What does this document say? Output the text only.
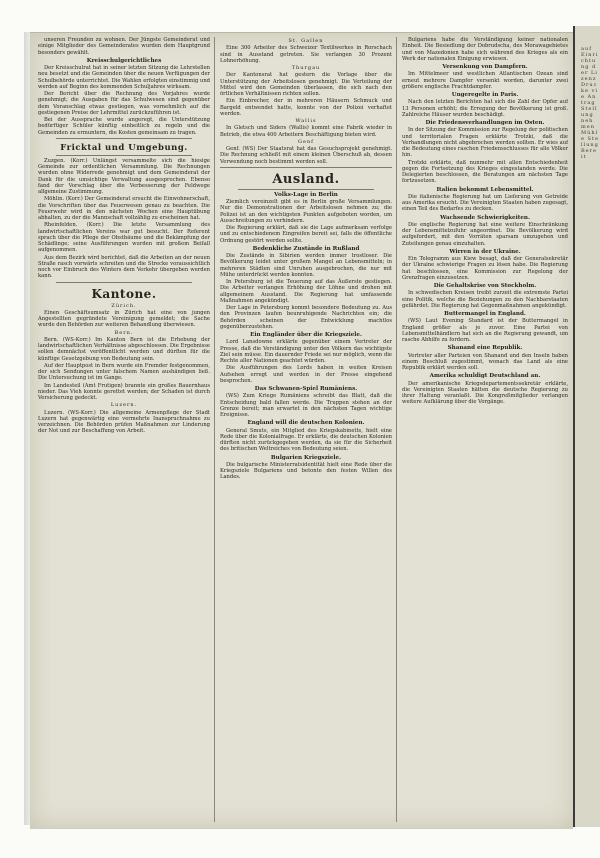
unseren Freunden zu wohnen. Der Jüngste Gemeinderat und einige Mitglieder des Gemeinderates wurden dem Hauptgrund besonders gewählt.

Kreisschulgerichtliches

Der Kreisschulrat hat in seiner letzten Sitzung die Lehrstellen neu besetzt und die Gemeinden über die neuen Verfügungen der Schulbehörde unterrichtet. Die Wahlen erfolgten einstimmig und werden auf Beginn des kommenden Schuljahres wirksam.

Der Bericht über die Rechnung des Vorjahres wurde genehmigt; die Ausgaben für das Schulwesen sind gegenüber dem Voranschlag etwas gestiegen, was vornehmlich auf die gestiegenen Preise der Lehrmittel zurückzuführen ist.

Bei der Aussprache wurde angeregt, die Unterstützung bedürftiger Schüler künftig einheitlich zu regeln und die Gemeinden zu ermuntern, die Kosten gemeinsam zu tragen.

Fricktal und Umgebung.

Zuzgen. (Korr.) Unlängst versammelte sich die hiesige Gemeinde zur ordentlichen Versammlung. Die Rechnungen wurden ohne Widerrede genehmigt und dem Gemeinderat der Dank für die umsichtige Verwaltung ausgesprochen. Ebenso fand der Vorschlag über die Verbesserung der Feldwege allgemeine Zustimmung.

Möhlin. (Korr.) Der Gemeinderat ersucht die Einwohnerschaft, die Vorschriften über das Feuerwesen genau zu beachten. Die Feuerwehr wird in den nächsten Wochen eine Hauptübung abhalten, zu der die Mannschaft vollzählig zu erscheinen hat.

Rheinfelden. (Korr.) Die letzte Versammlung des landwirtschaftlichen Vereins war gut besucht. Der Referent sprach über die Pflege der Obstbäume und die Bekämpfung der Schädlinge; seine Ausführungen wurden mit großem Beifall aufgenommen.

Aus dem Bezirk wird berichtet, daß die Arbeiten an der neuen Straße rasch vorwärts schreiten und die Strecke voraussichtlich noch vor Einbruch des Winters dem Verkehr übergeben werden kann.

Kantone.
Zürich.

Einen Geschäftsumsatz in Zürich hat eine von jungen Angestellten gegründete Vereinigung gemeldet; die Sache wurde den Behörden zur weiteren Behandlung überwiesen.

Bern.

Bern. (WS-Korr.) Im Kanton Bern ist die Erhebung der landwirtschaftlichen Verhältnisse abgeschlossen. Die Ergebnisse sollen demnächst veröffentlicht werden und dürften für die künftige Gesetzgebung von Bedeutung sein.

Auf der Hauptpost in Bern wurde ein Fremder festgenommen, der sich Sendungen unter falschem Namen aushändigen ließ. Die Untersuchung ist im Gange.

Im Landesteil (Amt Frutigen) brannte ein großes Bauernhaus nieder. Das Vieh konnte gerettet werden; der Schaden ist durch Versicherung gedeckt.

Luzern.

Luzern. (WS-Korr.) Die allgemeine Armenpflege der Stadt Luzern hat gegenwärtig eine vermehrte Inanspruchnahme zu verzeichnen. Die Behörden prüfen Maßnahmen zur Linderung der Not und zur Beschaffung von Arbeit.

St. Gallen

Eine 300 Arbeiter des Schweizer Textilwerkes in Rorschach sind in Ausstand getreten. Sie verlangen 30 Prozent Lohnerhöhung.

Thurgau

Der Kantonsrat hat gestern die Vorlage über die Unterstützung der Arbeitslosen genehmigt. Die Verteilung der Mittel wird den Gemeinden überlassen, die sich nach den örtlichen Verhältnissen richten sollen.

Ein Einbrecher, der in mehreren Häusern Schmuck und Bargeld entwendet hatte, konnte von der Polizei verhaftet werden.

Wallis

In Gletsch und Siders (Wallis) kommt eine Fabrik wieder in Betrieb, die etwa 400 Arbeitern Beschäftigung bieten wird.

Genf

Genf. (WS) Der Staatsrat hat das Gesuchsprojekt genehmigt. Die Rechnung schließt mit einem kleinen Überschuß ab, dessen Verwendung noch bestimmt werden soll.

Ausland.
Volks-Lage in Berlin

Ziemlich vereinzelt gibt es in Berlin große Versammlungen. Nur die Demonstrationen der Arbeitslosen nehmen zu; die Polizei ist an den wichtigsten Punkten aufgeboten worden, um Ausschreitungen zu verhindern.

Die Regierung erklärt, daß sie die Lage aufmerksam verfolge und zu entschiedenem Eingreifen bereit sei, falls die öffentliche Ordnung gestört werden sollte.

Bedenkliche Zustände in Rußland

Die Zustände in Sibirien werden immer trostloser. Die Bevölkerung leidet unter großem Mangel an Lebensmitteln; in mehreren Städten sind Unruhen ausgebrochen, die nur mit Mühe unterdrückt werden konnten.

In Petersburg ist die Teuerung auf das Äußerste gestiegen. Die Arbeiter verlangen Erhöhung der Löhne und drohen mit allgemeinem Ausstand. Die Regierung hat umfassende Maßnahmen angekündigt.

Der Lage in Petersburg kommt besondere Bedeutung zu. Aus den Provinzen laufen beunruhigende Nachrichten ein; die Behörden scheinen der Entwicklung machtlos gegenüberzustehen.

Ein Engländer über die Kriegsziele.

Lord Lansdowne erklärte gegenüber einem Vertreter der Presse, daß die Verständigung unter den Völkern das wichtigste Ziel sein müsse. Ein dauernder Friede sei nur möglich, wenn die Rechte aller Nationen geachtet würden.

Die Ausführungen des Lords haben in weiten Kreisen Aufsehen erregt und werden in der Presse eingehend besprochen.

Das Schwanen-Spiel Rumäniens.

(WS) Zum Kriege Rumäniens schreibt das Blatt, daß die Entscheidung bald fallen werde. Die Truppen stehen an der Grenze bereit; man erwartet in den nächsten Tagen wichtige Ereignisse.

England will die deutschen Kolonien.

General Smuts, ein Mitglied des Kriegskabinetts, hielt eine Rede über die Kolonialfrage. Er erklärte, die deutschen Kolonien dürften nicht zurückgegeben werden, da sie für die Sicherheit des britischen Weltreiches von Bedeutung seien.

Bulgarien Kriegsziele.

Die bulgarische Ministerratsidentität hielt eine Rede über die Kriegsziele Bulgariens und betonte den festen Willen des Landes.

Bulgariens habe die Verständigung keiner nationalen Einheit. Die Besiedlung der Dobrudscha, des Morawagebietes und von Mazedonien habe sich während des Krieges als ein Werk der nationalen Einigung erwiesen.

Versenkung von Dampfern.

Im Mittelmeer und westlichen Atlantischen Ozean sind erneut mehrere Dampfer versenkt worden, darunter zwei größere englische Frachtdampfer.

Ungeregelte in Paris.

Nach den letzten Berichten hat sich die Zahl der Opfer auf 13 Personen erhöht; die Erregung der Bevölkerung ist groß. Zahlreiche Häuser wurden beschädigt.

Die Friedensverhandlungen im Osten.

In der Sitzung der Kommission zur Regelung der politischen und territorialen Fragen erklärte Trotzki, daß die Verhandlungen nicht abgebrochen werden sollten. Er wies auf die Bedeutung eines raschen Friedensschlusses für alle Völker hin.

Trotzki erklärte, daß nunmehr mit allen Entschiedenheit gegen die Fortsetzung des Krieges eingestanden werde. Die Delegierten beschlossen, die Beratungen am nächsten Tage fortzusetzen.

Italien bekommt Lebensmittel.

Die italienische Regierung hat um Lieferung von Getreide aus Amerika ersucht. Die Vereinigten Staaten haben zugesagt, einen Teil des Bedarfes zu decken.

Wachsende Schwierigkeiten.

Die englische Regierung hat eine weitere Einschränkung der Lebensmittelzufuhr angeordnet. Die Bevölkerung wird aufgefordert, mit den Vorräten sparsam umzugehen und Zuteilungen genau einzuhalten.

Wirren in der Ukraine.

Ein Telegramm aus Kiew besagt, daß der Generalsekretär der Ukraine schwierige Fragen zu lösen habe. Die Regierung hat beschlossen, eine Kommission zur Regelung der Grenzfragen einzusetzen.

Die Gehaltskrise von Stockholm.

In schwedischen Kreisen treibt zurzeit die extremste Partei eine Politik, welche die Beziehungen zu den Nachbarstaaten gefährdet. Die Regierung hat Gegenmaßnahmen angekündigt.

Buttermangel in England.

(WS) Laut Evening Standard ist der Buttermangel in England größer als je zuvor. Eine Partei von Lebensmittelhändlern hat sich an die Regierung gewandt, um rasche Abhilfe zu fordern.

Shanand eine Republik.

Vertreter aller Parteien von Shanand und den Inseln haben einem Beschluß zugestimmt, wonach das Land als eine Republik erklärt werden soll.

Amerika schuldigt Deutschland an.

Der amerikanische Kriegsdepartementssekretär erklärte, die Vereinigten Staaten hätten die deutsche Regierung zu ihrer Haltung veranlaßt. Die Kongreßmitglieder verlangen weitere Aufklärung über die Vorgänge.

auf Einrichtung der Lizenz Drucke vie Antrag Stellung nehmen Mühle Stellung Bereit
